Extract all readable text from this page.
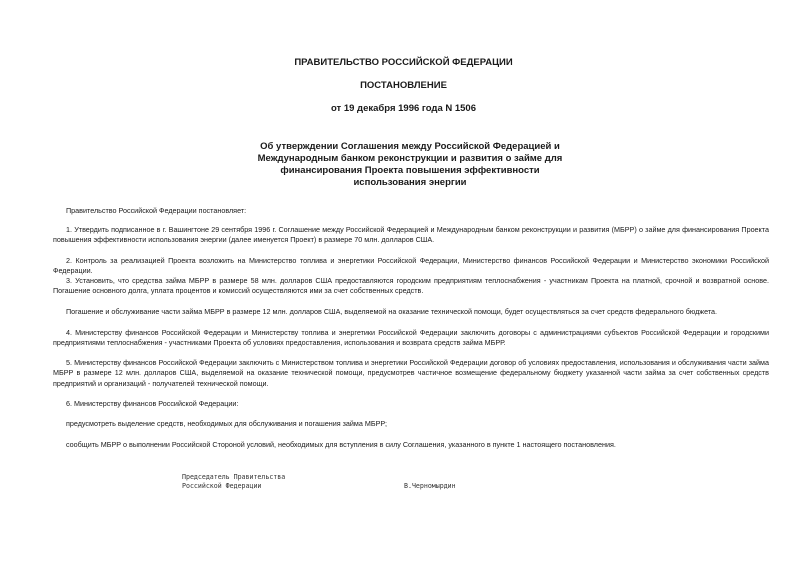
ПРАВИТЕЛЬСТВО РОССИЙСКОЙ ФЕДЕРАЦИИ
ПОСТАНОВЛЕНИЕ
от 19 декабря 1996 года N 1506
Об утверждении Соглашения между Российской Федерацией и
Международным банком реконструкции и развития о займе для
финансирования Проекта повышения эффективности
использования энергии
Правительство Российской Федерации постановляет:
1. Утвердить подписанное в г. Вашингтоне 29 сентября 1996 г. Соглашение между Российской Федерацией и Международным банком реконструкции и развития (МБРР) о займе для финансирования Проекта повышения эффективности использования энергии (далее именуется Проект) в размере 70 млн. долларов США.
2. Контроль за реализацией Проекта возложить на Министерство топлива и энергетики Российской Федерации, Министерство финансов Российской Федерации и Министерство экономики Российской Федерации.
3. Установить, что средства займа МБРР в размере 58 млн. долларов США предоставляются городским предприятиям теплоснабжения - участникам Проекта на платной, срочной и возвратной основе. Погашение основного долга, уплата процентов и комиссий осуществляются ими за счет собственных средств.
Погашение и обслуживание части займа МБРР в размере 12 млн. долларов США, выделяемой на оказание технической помощи, будет осуществляться за счет средств федерального бюджета.
4. Министерству финансов Российской Федерации и Министерству топлива и энергетики Российской Федерации заключить договоры с администрациями субъектов Российской Федерации и городскими предприятиями теплоснабжения - участниками Проекта об условиях предоставления, использования и возврата средств займа МБРР.
5. Министерству финансов Российской Федерации заключить с Министерством топлива и энергетики Российской Федерации договор об условиях предоставления, использования и обслуживания части займа МБРР в размере 12 млн. долларов США, выделяемой на оказание технической помощи, предусмотрев частичное возмещение федеральному бюджету указанной части займа за счет собственных средств предприятий и организаций - получателей технической помощи.
6. Министерству финансов Российской Федерации:
предусмотреть выделение средств, необходимых для обслуживания и погашения займа МБРР;
сообщить МБРР о выполнении Российской Стороной условий, необходимых для вступления в силу Соглашения, указанного в пункте 1 настоящего постановления.
Председатель Правительства
Российской Федерации	В.Черномырдин
